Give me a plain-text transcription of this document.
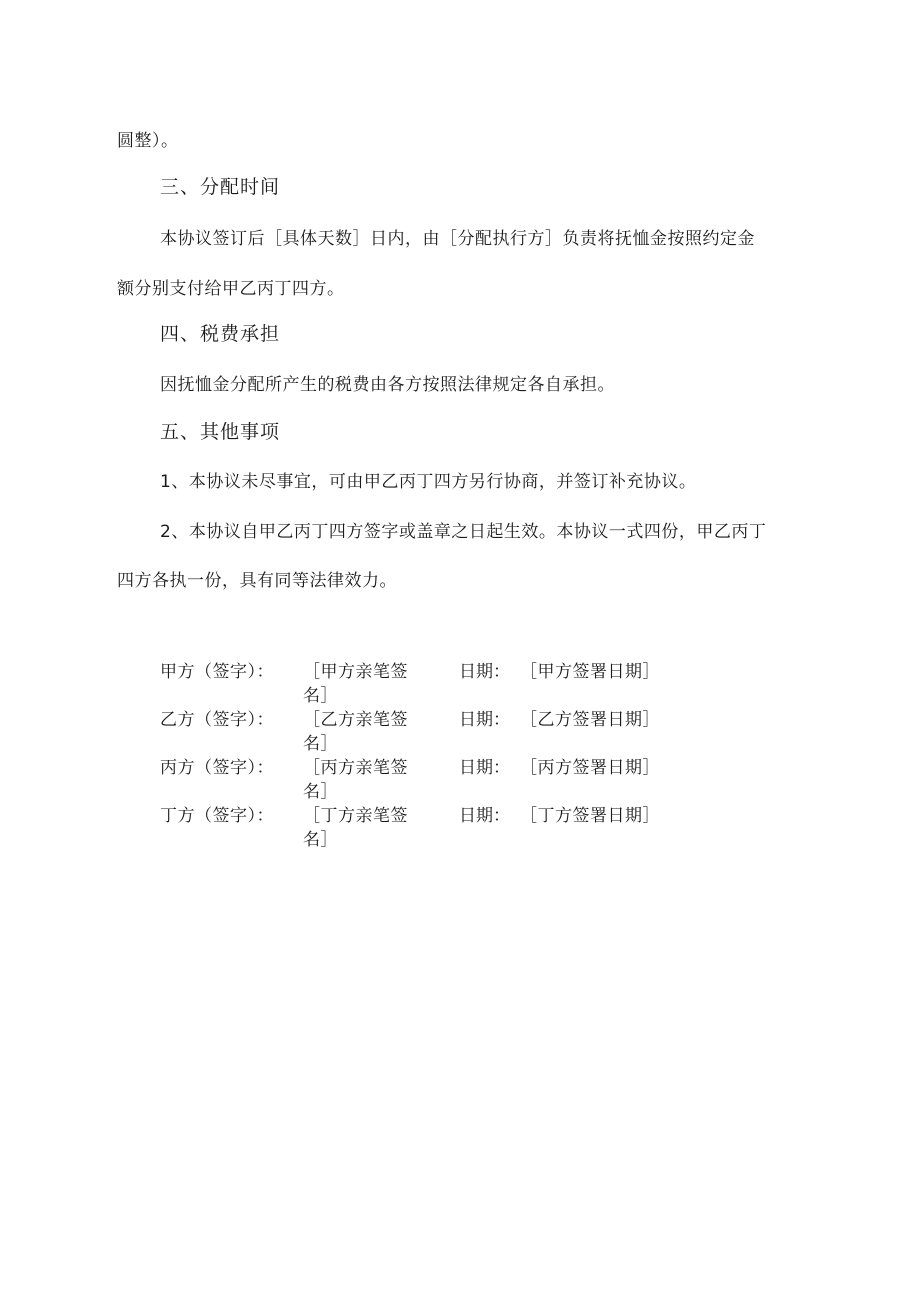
圆整）。
三、分配时间
本协议签订后［具体天数］日内，由［分配执行方］负责将抚恤金按照约定金
额分别支付给甲乙丙丁四方。
四、税费承担
因抚恤金分配所产生的税费由各方按照法律规定各自承担。
五、其他事项
1、本协议未尽事宜，可由甲乙丙丁四方另行协商，并签订补充协议。
2、本协议自甲乙丙丁四方签字或盖章之日起生效。本协议一式四份，甲乙丙丁
四方各执一份，具有同等法律效力。
甲方（签字）： ［甲方亲笔签名］
日期： ［甲方签署日期］
乙方（签字）： ［乙方亲笔签名］
日期： ［乙方签署日期］
丙方（签字）： ［丙方亲笔签名］
日期： ［丙方签署日期］
丁方（签字）： ［丁方亲笔签名］
日期： ［丁方签署日期］
